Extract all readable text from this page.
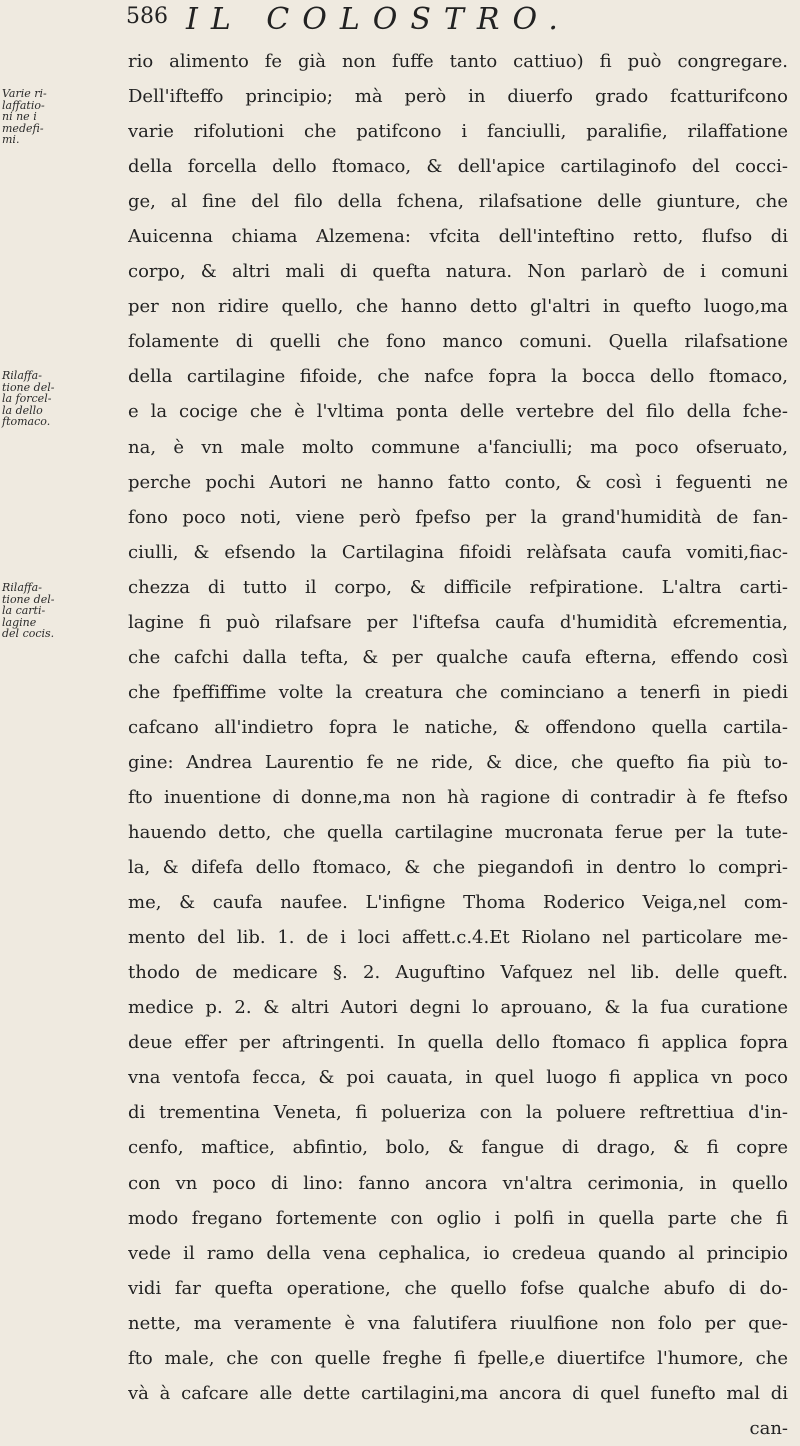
586 IL COLOSTRO.
Varie ri-
laffatio-
ni ne i
medefi-
mi.
Rilaffa-
tione del-
la forcel-
la dello
ftomaco.
Rilaffa-
tione del-
la carti-
lagine
del cocis.
rio alimento fe già non fuffe tanto cattiuo) fi può congregare.
Dell'ifteffo principio; mà però in diuerfo grado fcatturifcono
varie rifolutioni che patifcono i fanciulli, paralifie, rilaffatione
della forcella dello ftomaco, & dell'apice cartilaginofo del cocci-
ge, al fine del filo della fchena, rilafsatione delle giunture, che
Auicenna chiama Alzemena: vfcita dell'inteftino retto, flufso di
corpo, & altri mali di quefta natura. Non parlarò de i comuni
per non ridire quello, che hanno detto gl'altri in quefto luogo,ma
folamente di quelli che fono manco comuni. Quella rilafsatione
della cartilagine fifoide, che nafce fopra la bocca dello ftomaco,
e la cocige che è l'vltima ponta delle vertebre del filo della fche-
na, è vn male molto commune a'fanciulli; ma poco ofseruato,
perche pochi Autori ne hanno fatto conto, & così i feguenti ne
fono poco noti, viene però fpefso per la grand'humidità de fan-
ciulli, & efsendo la Cartilagina fifoidi relàfsata caufa vomiti,fiac-
chezza di tutto il corpo, & difficile refpiratione. L'altra carti-
lagine fi può rilafsare per l'iftefsa caufa d'humidità efcrementia,
che cafchi dalla tefta, & per qualche caufa efterna, effendo così
che fpeffiffime volte la creatura che cominciano a tenerfi in piedi
cafcano all'indietro fopra le natiche, & offendono quella cartila-
gine: Andrea Laurentio fe ne ride, & dice, che quefto fia più to-
fto inuentione di donne,ma non hà ragione di contradir à fe ftefso
hauendo detto, che quella cartilagine mucronata ferue per la tute-
la, & difefa dello ftomaco, & che piegandofi in dentro lo compri-
me, & caufa naufee. L'infigne Thoma Roderico Veiga,nel com-
mento del lib. 1. de i loci affett.c.4.Et Riolano nel particolare me-
thodo de medicare §. 2. Auguftino Vafquez nel lib. delle queft.
medice p. 2. & altri Autori degni lo aprouano, & la fua curatione
deue effer per aftringenti. In quella dello ftomaco fi applica fopra
vna ventofa fecca, & poi cauata, in quel luogo fi applica vn poco
di trementina Veneta, fi polueriza con la poluere reftrettiua d'in-
cenfo, maftice, abfintio, bolo, & fangue di drago, & fi copre
con vn poco di lino: fanno ancora vn'altra cerimonia, in quello
modo fregano fortemente con oglio i polfi in quella parte che fi
vede il ramo della vena cephalica, io credeua quando al principio
vidi far quefta operatione, che quello fofse qualche abufo di do-
nette, ma veramente è vna falutifera riuulfione non folo per que-
fto male, che con quelle freghe fi fpelle,e diuertifce l'humore, che
và à cafcare alle dette cartilagini,ma ancora di quel funefto mal di
can-
